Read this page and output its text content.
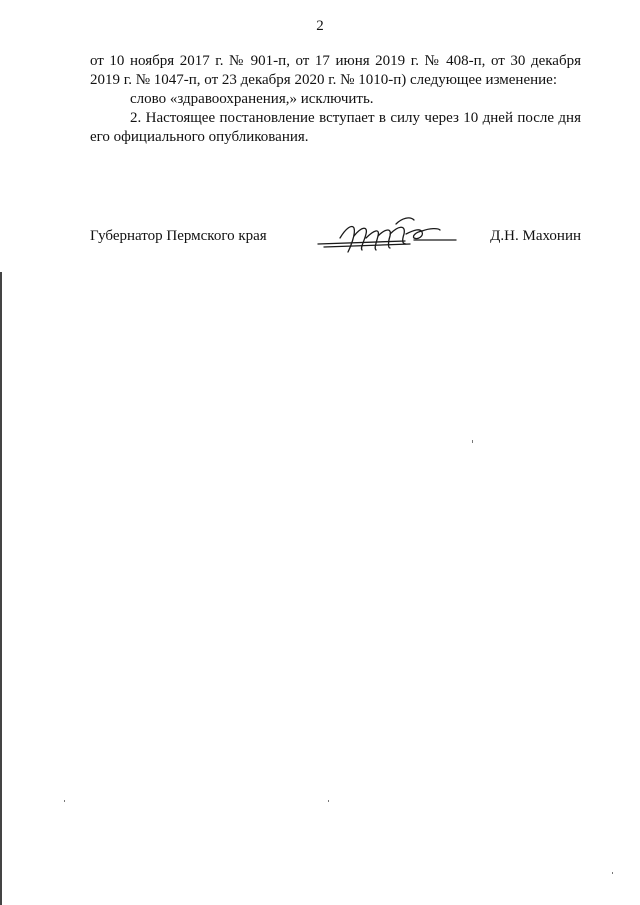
2

от 10 ноября 2017 г. № 901-п, от 17 июня 2019 г. № 408-п, от 30 декабря 2019 г. № 1047-п, от 23 декабря 2020 г. № 1010-п) следующее изменение:

слово «здравоохранения,» исключить.

2. Настоящее постановление вступает в силу через 10 дней после дня его официального опубликования.

Губернатор Пермского края	Д.Н. Махонин
